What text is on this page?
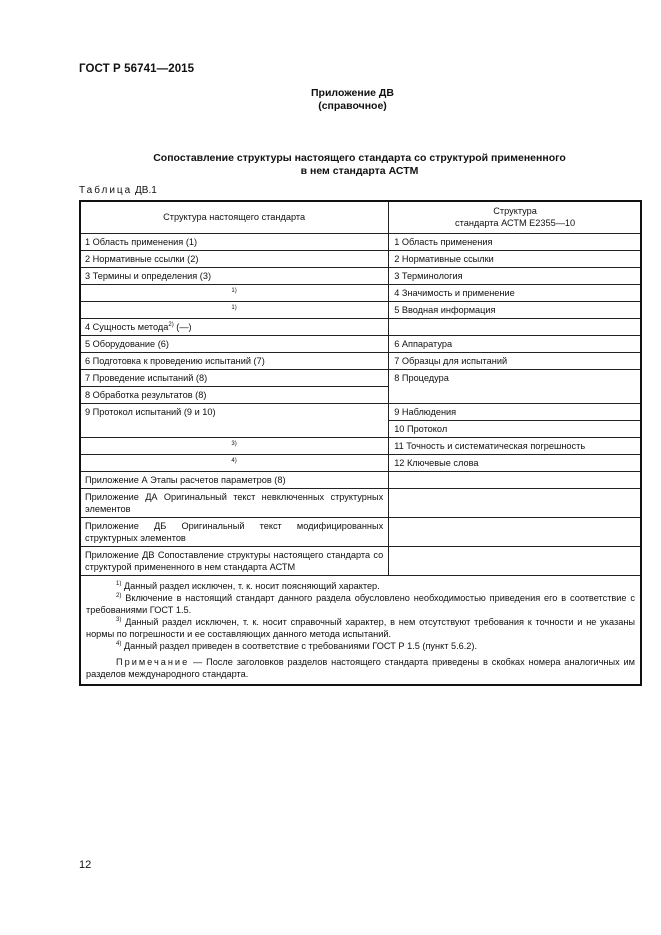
ГОСТ Р 56741—2015
Приложение ДВ
(справочное)
Сопоставление структуры настоящего стандарта со структурой примененного
в нем стандарта АСТМ
Таблица ДВ.1
Структура настоящего стандарта	Структура
стандарта АСТМ Е2355—10

1 Область применения (1)	1 Область применения
2 Нормативные ссылки (2)	2 Нормативные ссылки
3 Термины и определения (3)	3 Терминология
1)	4 Значимость и применение
1)	5 Вводная информация
4 Сущность метода$^{2)}$ (—)	
5 Оборудование (6)	6 Аппаратура
6 Подготовка к проведению испытаний (7)	7 Образцы для испытаний
7 Проведение испытаний (8)	8 Процедура
8 Обработка результатов (8)	
9 Протокол испытаний (9 и 10)	9 Наблюдения
	10 Протокол
3)	11 Точность и систематическая погрешность
4)	12 Ключевые слова
Приложение А Этапы расчетов параметров (8)	
Приложение ДА Оригинальный текст невключенных структурных элементов	
Приложение ДБ Оригинальный текст модифицированных структурных элементов	
Приложение ДВ Сопоставление структуры настоящего стандарта со структурой примененного в нем стандарта АСТМ	

$^{1)}$ Данный раздел исключен, т. к. носит поясняющий характер.

$^{2)}$ Включение в настоящий стандарт данного раздела обусловлено необходимостью приведения его в соответствие с требованиями ГОСТ 1.5.

$^{3)}$ Данный раздел исключен, т. к. носит справочный характер, в нем отсутствуют требования к точности и не указаны нормы по погрешности и ее составляющих данного метода испытаний.

$^{4)}$ Данный раздел приведен в соответствие с требованиями ГОСТ Р 1.5 (пункт 5.6.2).

Примечание — После заголовков разделов настоящего стандарта приведены в скобках номера аналогичных им разделов международного стандарта.	

12
